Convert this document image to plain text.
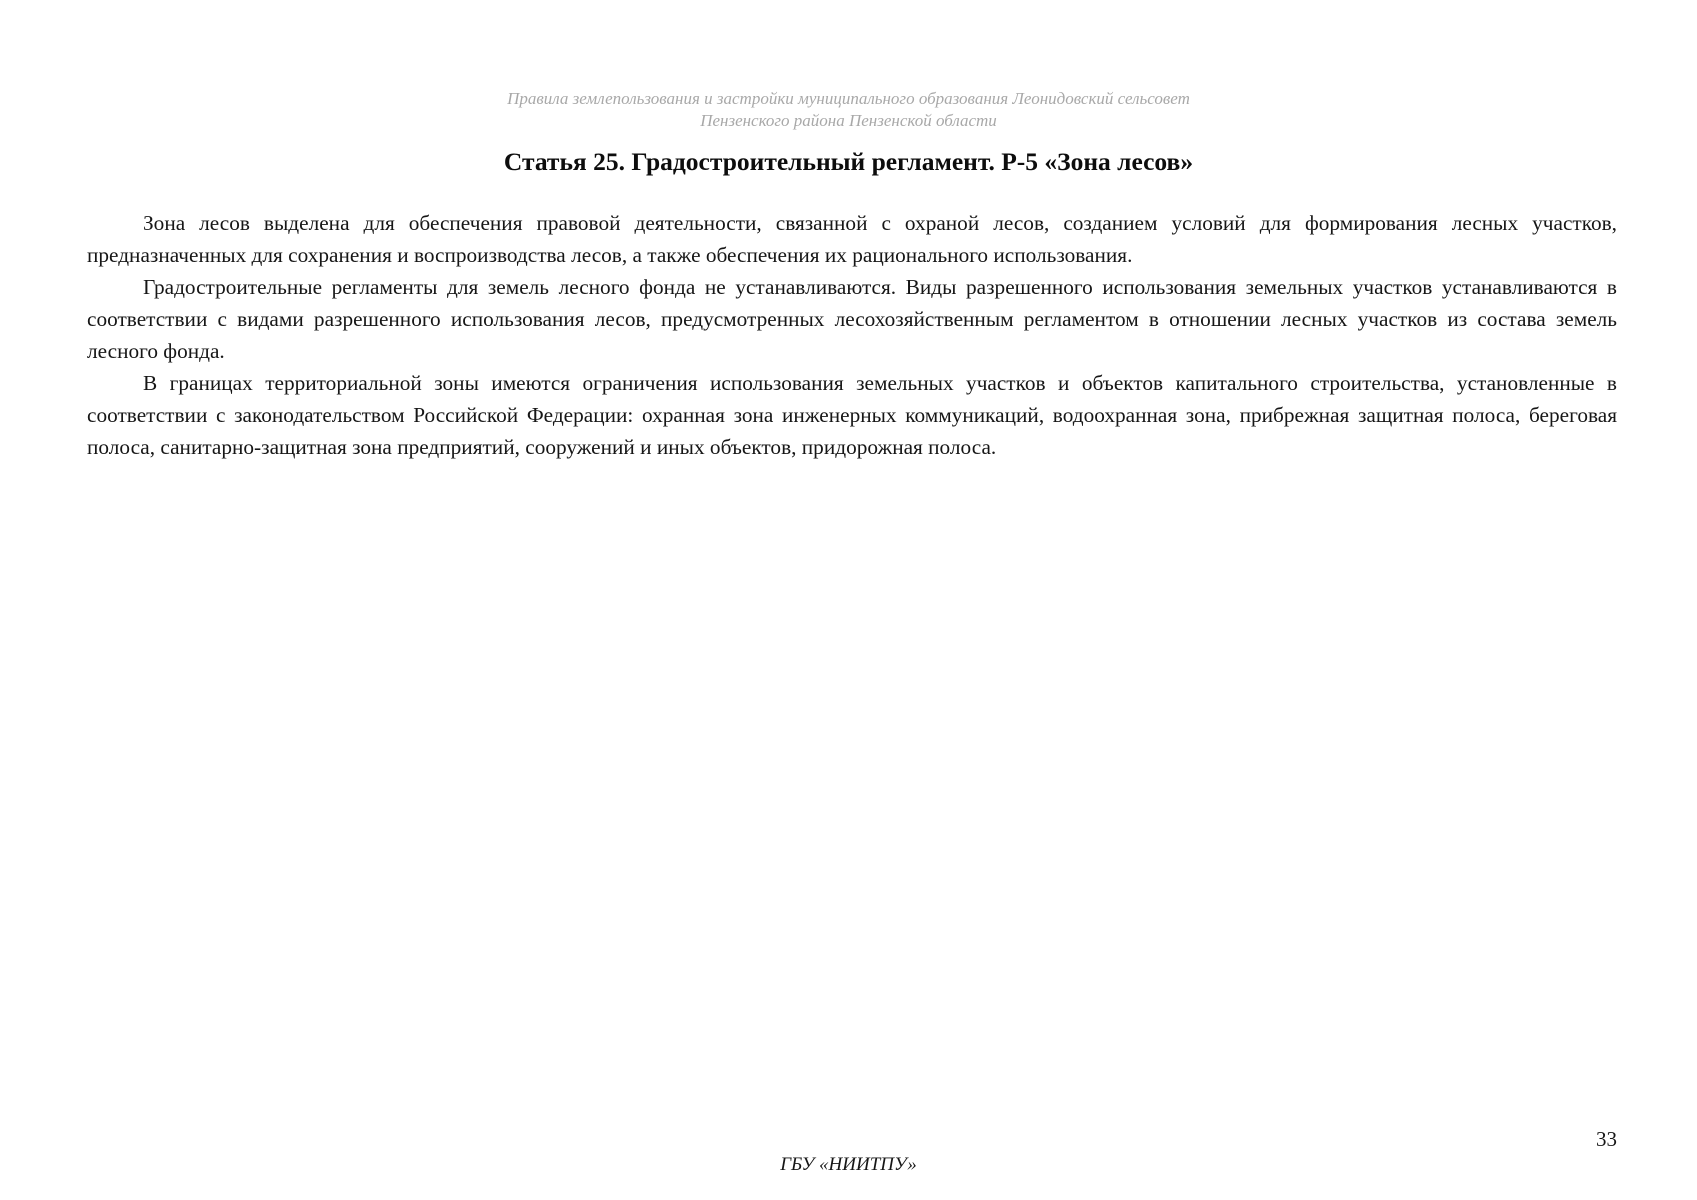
Правила землепользования и застройки муниципального образования Леонидовский сельсовет
Пензенского района Пензенской области
Статья 25. Градостроительный регламент. Р-5 «Зона лесов»

Зона лесов выделена для обеспечения правовой деятельности, связанной с охраной лесов, созданием условий для формирования лесных участков, предназначенных для сохранения и воспроизводства лесов, а также обеспечения их рационального использования.

Градостроительные регламенты для земель лесного фонда не устанавливаются. Виды разрешенного использования земельных участков устанавливаются в соответствии с видами разрешенного использования лесов, предусмотренных лесохозяйственным регламентом в отношении лесных участков из состава земель лесного фонда.

В границах территориальной зоны имеются ограничения использования земельных участков и объектов капитального строительства, установленные в соответствии с законодательством Российской Федерации: охранная зона инженерных коммуникаций, водоохранная зона, прибрежная защитная полоса, береговая полоса, санитарно-защитная зона предприятий, сооружений и иных объектов, придорожная полоса.

33
ГБУ «НИИТПУ»
